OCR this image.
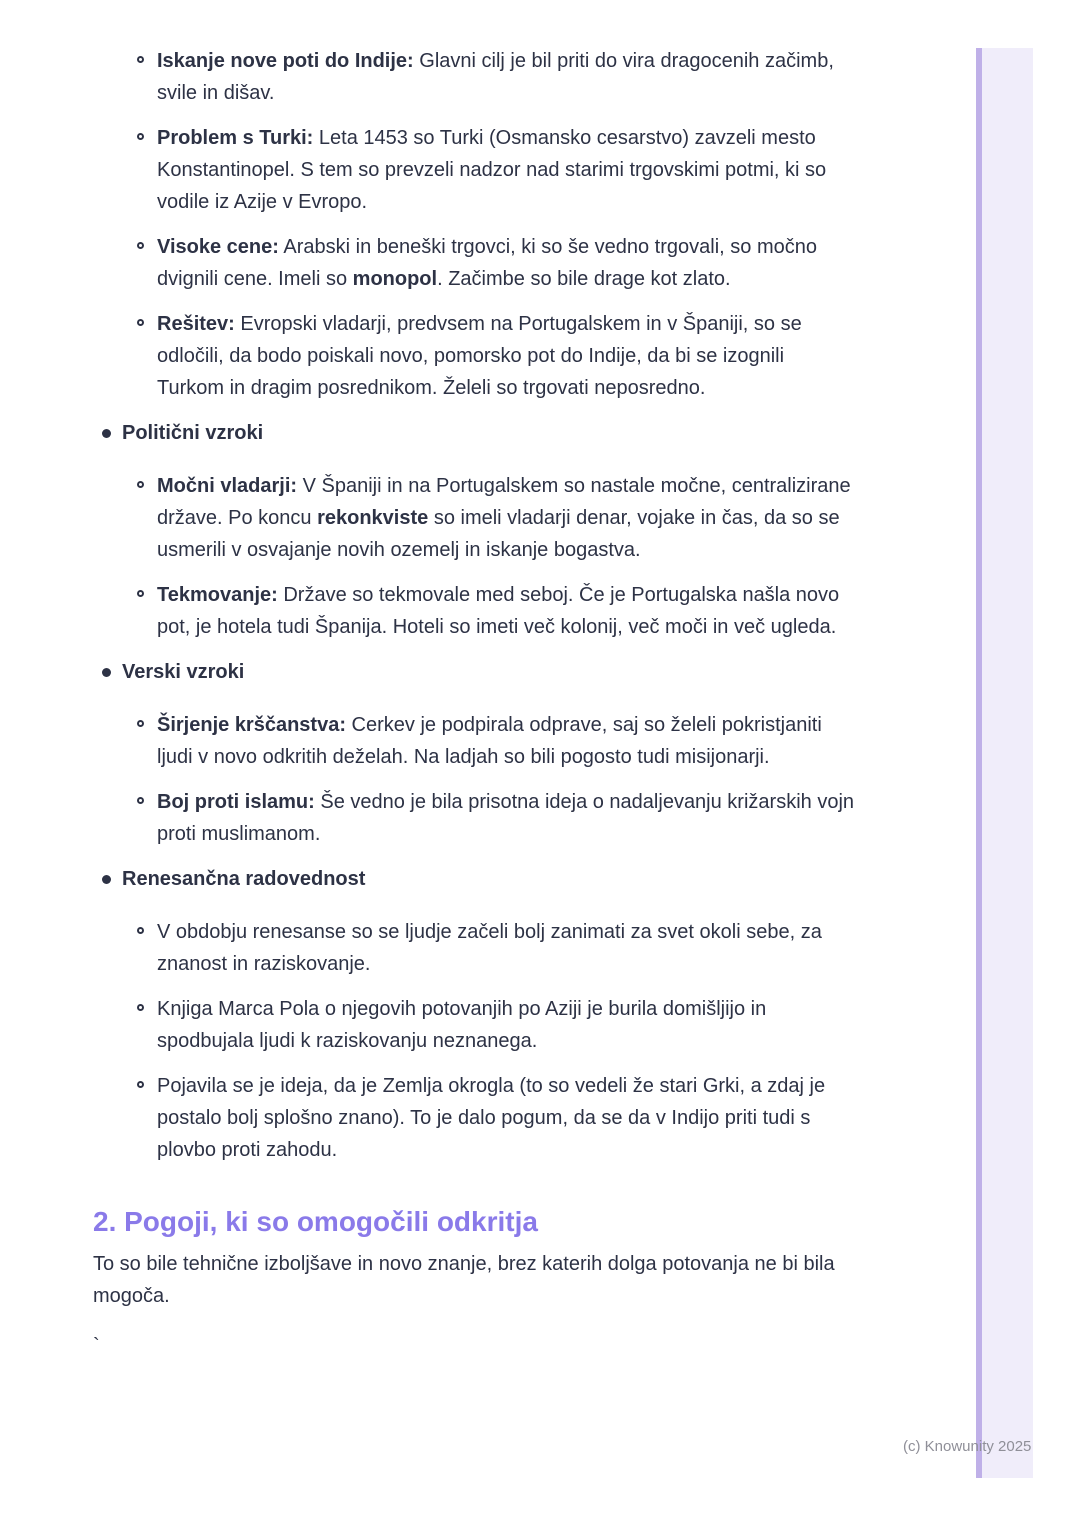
Iskanje nove poti do Indije: Glavni cilj je bil priti do vira dragocenih začimb, svile in dišav.
Problem s Turki: Leta 1453 so Turki (Osmansko cesarstvo) zavzeli mesto Konstantinopel. S tem so prevzeli nadzor nad starimi trgovskimi potmi, ki so vodile iz Azije v Evropo.
Visoke cene: Arabski in beneški trgovci, ki so še vedno trgovali, so močno dvignili cene. Imeli so monopol. Začimbe so bile drage kot zlato.
Rešitev: Evropski vladarji, predvsem na Portugalskem in v Španiji, so se odločili, da bodo poiskali novo, pomorsko pot do Indije, da bi se izognili Turkom in dragim posrednikom. Želeli so trgovati neposredno.
Politični vzroki
Močni vladarji: V Španiji in na Portugalskem so nastale močne, centralizirane države. Po koncu rekonkviste so imeli vladarji denar, vojake in čas, da so se usmerili v osvajanje novih ozemelj in iskanje bogastva.
Tekmovanje: Države so tekmovale med seboj. Če je Portugalska našla novo pot, je hotela tudi Španija. Hoteli so imeti več kolonij, več moči in več ugleda.
Verski vzroki
Širjenje krščanstva: Cerkev je podpirala odprave, saj so želeli pokristjaniti ljudi v novo odkritih deželah. Na ladjah so bili pogosto tudi misijonarji.
Boj proti islamu: Še vedno je bila prisotna ideja o nadaljevanju križarskih vojn proti muslimanom.
Renesančna radovednost
V obdobju renesanse so se ljudje začeli bolj zanimati za svet okoli sebe, za znanost in raziskovanje.
Knjiga Marca Pola o njegovih potovanjih po Aziji je burila domišljijo in spodbujala ljudi k raziskovanju neznanega.
Pojavila se je ideja, da je Zemlja okrogla (to so vedeli že stari Grki, a zdaj je postalo bolj splošno znano). To je dalo pogum, da se da v Indijo priti tudi s plovbo proti zahodu.
2. Pogoji, ki so omogočili odkritja

To so bile tehnične izboljšave in novo znanje, brez katerih dolga potovanja ne bi bila mogoča.

`

(c) Knowunity 2025
